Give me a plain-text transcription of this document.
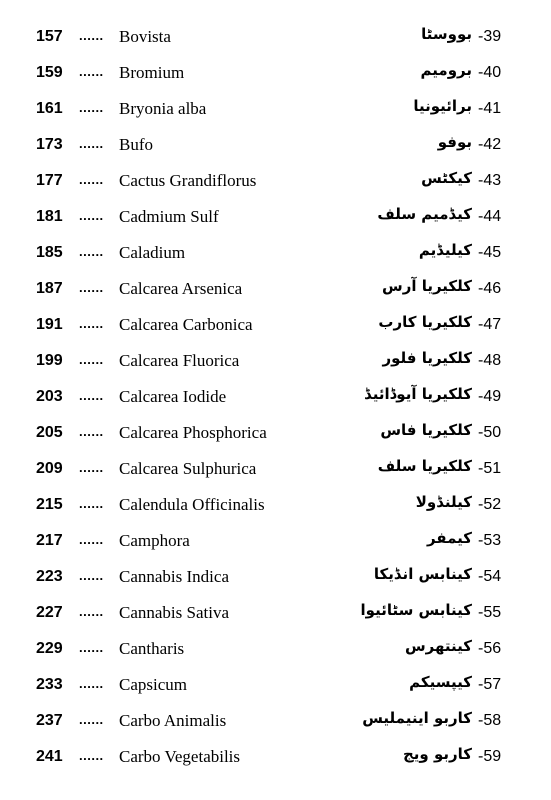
157	...... Bovista	بووسٹا -39
159	...... Bromium	برومیم -40
161	...... Bryonia alba	برائیونیا -41
173	...... Bufo	بوفو -42
177	...... Cactus Grandiflorus	کیکٹس -43
181	...... Cadmium Sulf	کیڈمیم سلف -44
185	...... Caladium	کیلیڈیم -45
187	...... Calcarea Arsenica	کلکیریا آرس -46
191	...... Calcarea Carbonica	کلکیریا کارب -47
199	...... Calcarea Fluorica	کلکیریا فلور -48
203	...... Calcarea Iodide	کلکیریا آیوڈائیڈ -49
205	...... Calcarea Phosphorica	کلکیریا فاس -50
209	...... Calcarea Sulphurica	کلکیریا سلف -51
215	...... Calendula Officinalis	کیلنڈولا -52
217	...... Camphora	کیمفر -53
223	...... Cannabis Indica	کینابس انڈیکا -54
227	...... Cannabis Sativa	کینابس سٹائیوا -55
229	...... Cantharis	کینتھرس -56
233	...... Capsicum	کیپسیکم -57
237	...... Carbo Animalis	کاربو اینیملیس -58
241	...... Carbo Vegetabilis	کاربو ویج -59
